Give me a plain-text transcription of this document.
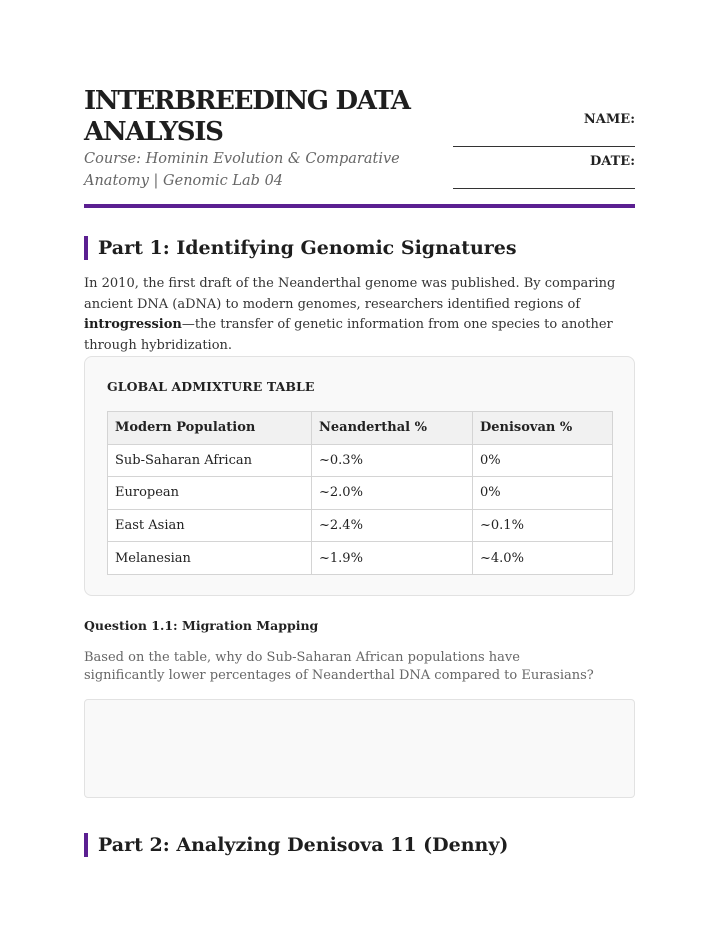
INTERBREEDING DATA ANALYSIS
Course: Hominin Evolution & Comparative Anatomy | Genomic Lab 04
NAME:
DATE:
Part 1: Identifying Genomic Signatures
In 2010, the first draft of the Neanderthal genome was published. By comparing ancient DNA (aDNA) to modern genomes, researchers identified regions of introgression—the transfer of genetic information from one species to another through hybridization.
GLOBAL ADMIXTURE TABLE
Modern Population	Neanderthal %	Denisovan %
Sub-Saharan African	~0.3%	0%
European	~2.0%	0%
East Asian	~2.4%	~0.1%
Melanesian	~1.9%	~4.0%
Question 1.1: Migration Mapping
Based on the table, why do Sub-Saharan African populations have significantly lower percentages of Neanderthal DNA compared to Eurasians?
Part 2: Analyzing Denisova 11 (Denny)
